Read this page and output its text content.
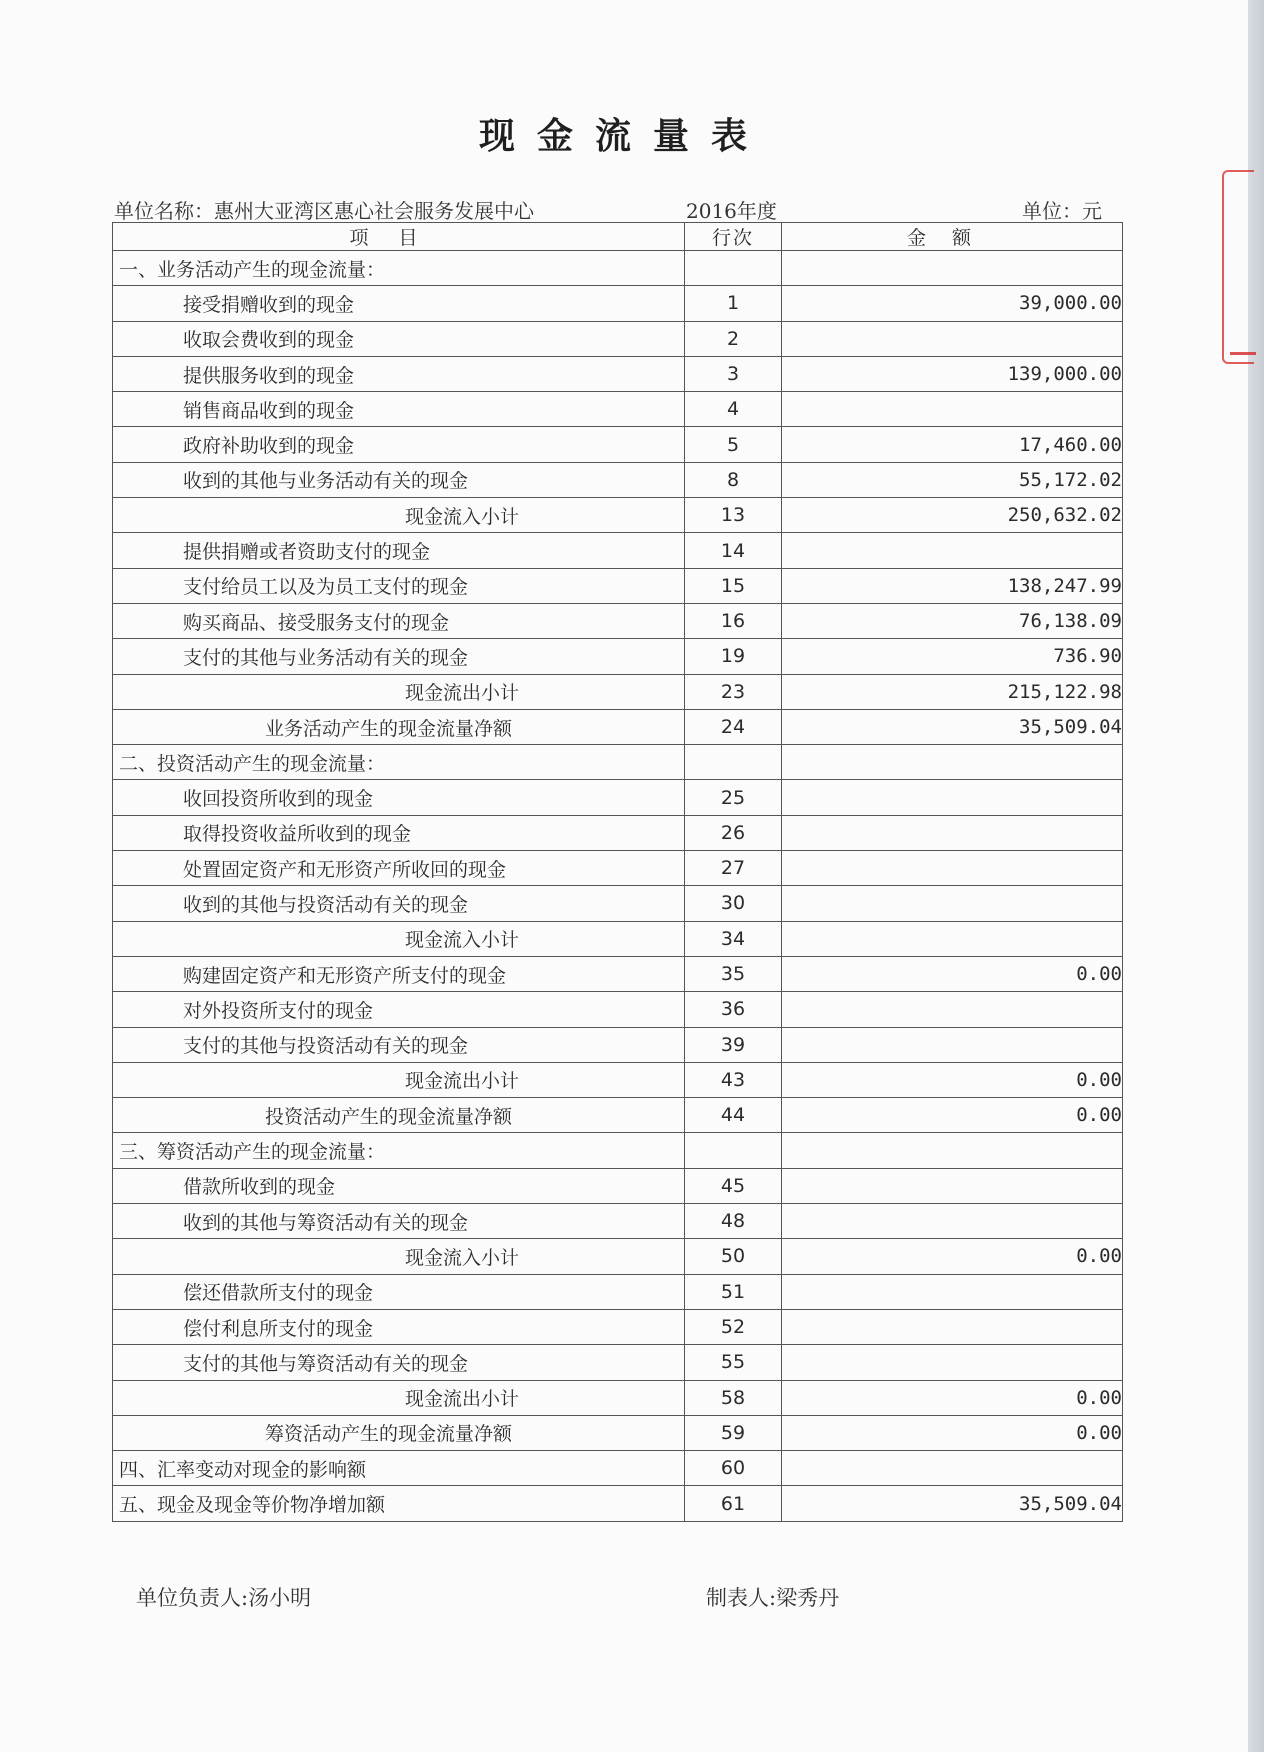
现金流量表
单位名称：惠州大亚湾区惠心社会服务发展中心	2016年度	单位：元
项目	行次	金额
一、业务活动产生的现金流量：		
接受捐赠收到的现金	1	39,000.00
收取会费收到的现金	2	
提供服务收到的现金	3	139,000.00
销售商品收到的现金	4	
政府补助收到的现金	5	17,460.00
收到的其他与业务活动有关的现金	8	55,172.02
现金流入小计	13	250,632.02
提供捐赠或者资助支付的现金	14	
支付给员工以及为员工支付的现金	15	138,247.99
购买商品、接受服务支付的现金	16	76,138.09
支付的其他与业务活动有关的现金	19	736.90
现金流出小计	23	215,122.98
业务活动产生的现金流量净额	24	35,509.04
二、投资活动产生的现金流量：		
收回投资所收到的现金	25	
取得投资收益所收到的现金	26	
处置固定资产和无形资产所收回的现金	27	
收到的其他与投资活动有关的现金	30	
现金流入小计	34	
购建固定资产和无形资产所支付的现金	35	0.00
对外投资所支付的现金	36	
支付的其他与投资活动有关的现金	39	
现金流出小计	43	0.00
投资活动产生的现金流量净额	44	0.00
三、筹资活动产生的现金流量：		
借款所收到的现金	45	
收到的其他与筹资活动有关的现金	48	
现金流入小计	50	0.00
偿还借款所支付的现金	51	
偿付利息所支付的现金	52	
支付的其他与筹资活动有关的现金	55	
现金流出小计	58	0.00
筹资活动产生的现金流量净额	59	0.00
四、汇率变动对现金的影响额	60	
五、现金及现金等价物净增加额	61	35,509.04
单位负责人:汤小明	制表人:梁秀丹
